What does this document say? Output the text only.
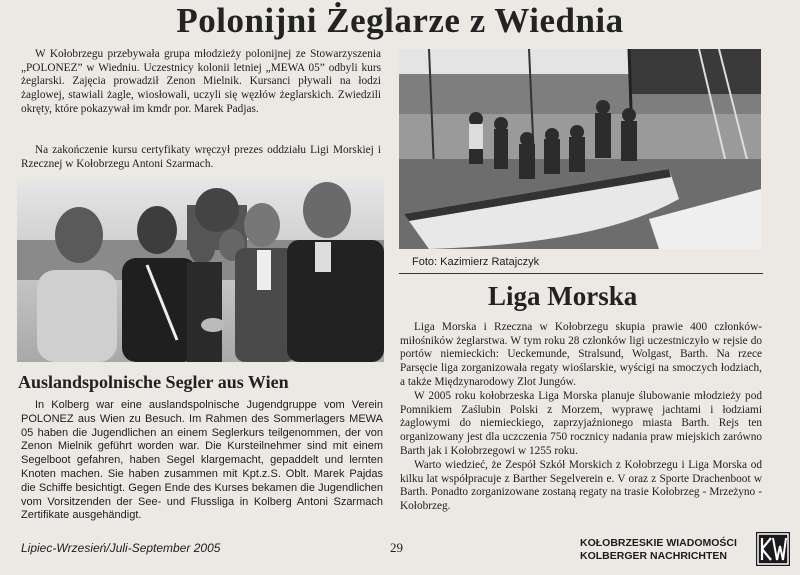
Polonijni Żeglarze z Wiednia

W Kołobrzegu przebywała grupa młodzieży polonijnej ze Stowarzyszenia „POLONEZ” w Wiedniu. Uczestnicy kolonii letniej „MEWA 05” odbyli kurs żeglarski. Zajęcia prowadził Zenon Mielnik. Kursanci pływali na łodzi żaglowej, stawiali żagle, wiosłowali, uczyli się węzłów żeglarskich. Zwiedzili okręty, które pokazywał im kmdr por. Marek Padjas.

Na zakończenie kursu certyfikaty wręczył prezes oddziału Ligi Morskiej i Rzecznej w Kołobrzegu Antoni Szarmach.

Auslandspolnische Segler aus Wien

In Kolberg war eine auslandspolnische Jugendgruppe vom Verein POLONEZ aus Wien zu Besuch. Im Rahmen des Sommerlagers MEWA 05 haben die Jugendlichen an einem Seglerkurs teilgenommen, der von Zenon Mielnik geführt worden war. Die Kursteilnehmer sind mit einem Segelboot gefahren, haben Segel klargemacht, gepaddelt und lernten Knoten machen. Sie haben zusammen mit Kpt.z.S. Oblt. Marek Pajdas die Schiffe besichtigt. Gegen Ende des Kurses bekamen die Jugendlichen vom Vorsitzenden der See- und Flussliga in Kolberg Antoni Szarmach Zertifikate ausgehändigt.

Foto: Kazimierz Ratajczyk
Liga Morska

Liga Morska i Rzeczna w Kołobrzegu skupia prawie 400 członków-miłośników żeglarstwa. W tym roku 28 członków ligi uczestniczyło w rejsie do portów niemieckich: Ueckemunde, Stralsund, Wolgast, Barth. Na rzece Parsęcie liga zorganizowała regaty wioślarskie, wyścigi na smoczych łodziach, a także Międzynarodowy Zlot Jungów.

W 2005 roku kołobrzeska Liga Morska planuje ślubowanie młodzieży pod Pomnikiem Zaślubin Polski z Morzem, wyprawę jachtami i łodziami żaglowymi do niemieckiego, zaprzyjaźnionego miasta Barth. Rejs ten organizowany jest dla uczczenia 750 rocznicy nadania praw miejskich zarówno Barth jak i Kołobrzegowi w 1255 roku.

Warto wiedzieć, że Zespół Szkół Morskich z Kołobrzegu i Liga Morska od kilku lat współpracuje z Barther Segelverein e. V oraz z Sporte Drachenboot w Barth. Ponadto zorganizowane zostaną regaty na trasie Kołobrzeg - Mrzeżyno - Kołobrzeg.

Lipiec-Wrzesień/Juli-September 2005	29	KOŁOBRZESKIE WIADOMOŚCI
KOLBERGER NACHRICHTEN
